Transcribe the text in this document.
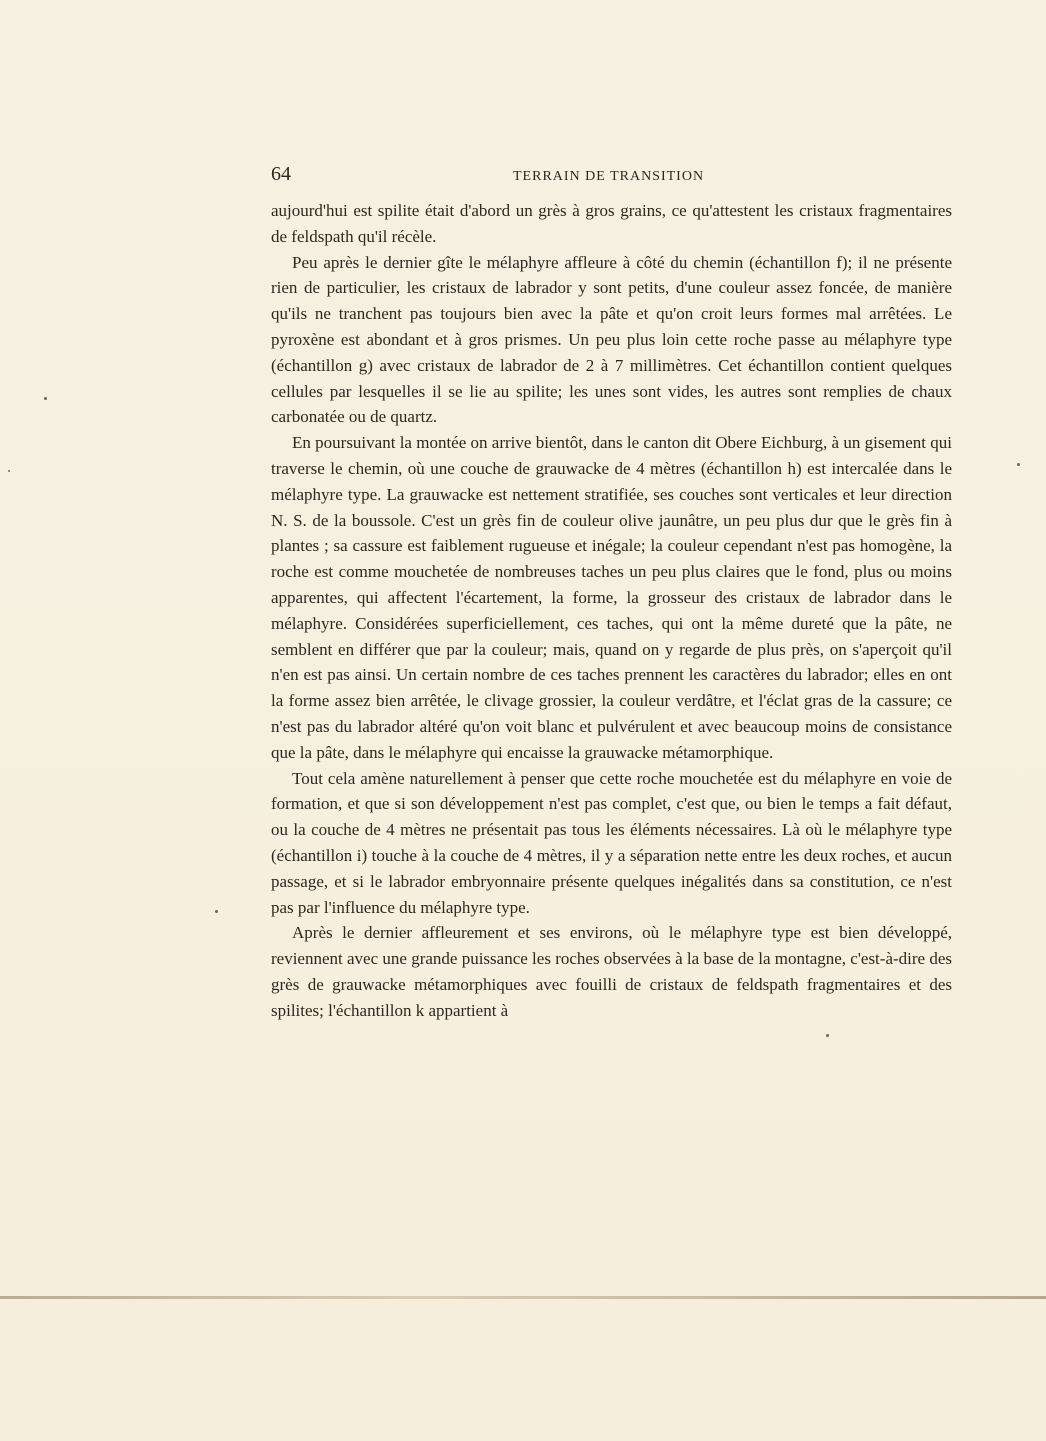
64	TERRAIN DE TRANSITION

aujourd'hui est spilite était d'abord un grès à gros grains, ce qu'attestent les cristaux fragmentaires de feldspath qu'il récèle.

Peu après le dernier gîte le mélaphyre affleure à côté du chemin (échantillon f); il ne présente rien de particulier, les cristaux de labrador y sont petits, d'une couleur assez foncée, de manière qu'ils ne tranchent pas toujours bien avec la pâte et qu'on croit leurs formes mal arrêtées. Le pyroxène est abondant et à gros prismes. Un peu plus loin cette roche passe au mélaphyre type (échantillon g) avec cristaux de labrador de 2 à 7 millimètres. Cet échantillon contient quelques cellules par lesquelles il se lie au spilite; les unes sont vides, les autres sont remplies de chaux carbonatée ou de quartz.

En poursuivant la montée on arrive bientôt, dans le canton dit Obere Eichburg, à un gisement qui traverse le chemin, où une couche de grauwacke de 4 mètres (échantillon h) est intercalée dans le mélaphyre type. La grauwacke est nettement stratifiée, ses couches sont verticales et leur direction N. S. de la boussole. C'est un grès fin de couleur olive jaunâtre, un peu plus dur que le grès fin à plantes ; sa cassure est faiblement rugueuse et inégale; la couleur cependant n'est pas homogène, la roche est comme mouchetée de nombreuses taches un peu plus claires que le fond, plus ou moins apparentes, qui affectent l'écartement, la forme, la grosseur des cristaux de labrador dans le mélaphyre. Considérées superficiellement, ces taches, qui ont la même dureté que la pâte, ne semblent en différer que par la couleur; mais, quand on y regarde de plus près, on s'aperçoit qu'il n'en est pas ainsi. Un certain nombre de ces taches prennent les caractères du labrador; elles en ont la forme assez bien arrêtée, le clivage grossier, la couleur verdâtre, et l'éclat gras de la cassure; ce n'est pas du labrador altéré qu'on voit blanc et pulvérulent et avec beaucoup moins de consistance que la pâte, dans le mélaphyre qui encaisse la grauwacke métamorphique.

Tout cela amène naturellement à penser que cette roche mouchetée est du mélaphyre en voie de formation, et que si son développement n'est pas complet, c'est que, ou bien le temps a fait défaut, ou la couche de 4 mètres ne présentait pas tous les éléments nécessaires. Là où le mélaphyre type (échantillon i) touche à la couche de 4 mètres, il y a séparation nette entre les deux roches, et aucun passage, et si le labrador embryonnaire présente quelques inégalités dans sa constitution, ce n'est pas par l'influence du mélaphyre type.

Après le dernier affleurement et ses environs, où le mélaphyre type est bien développé, reviennent avec une grande puissance les roches observées à la base de la montagne, c'est-à-dire des grès de grauwacke métamorphiques avec fouilli de cristaux de feldspath fragmentaires et des spilites; l'échantillon k appartient à
